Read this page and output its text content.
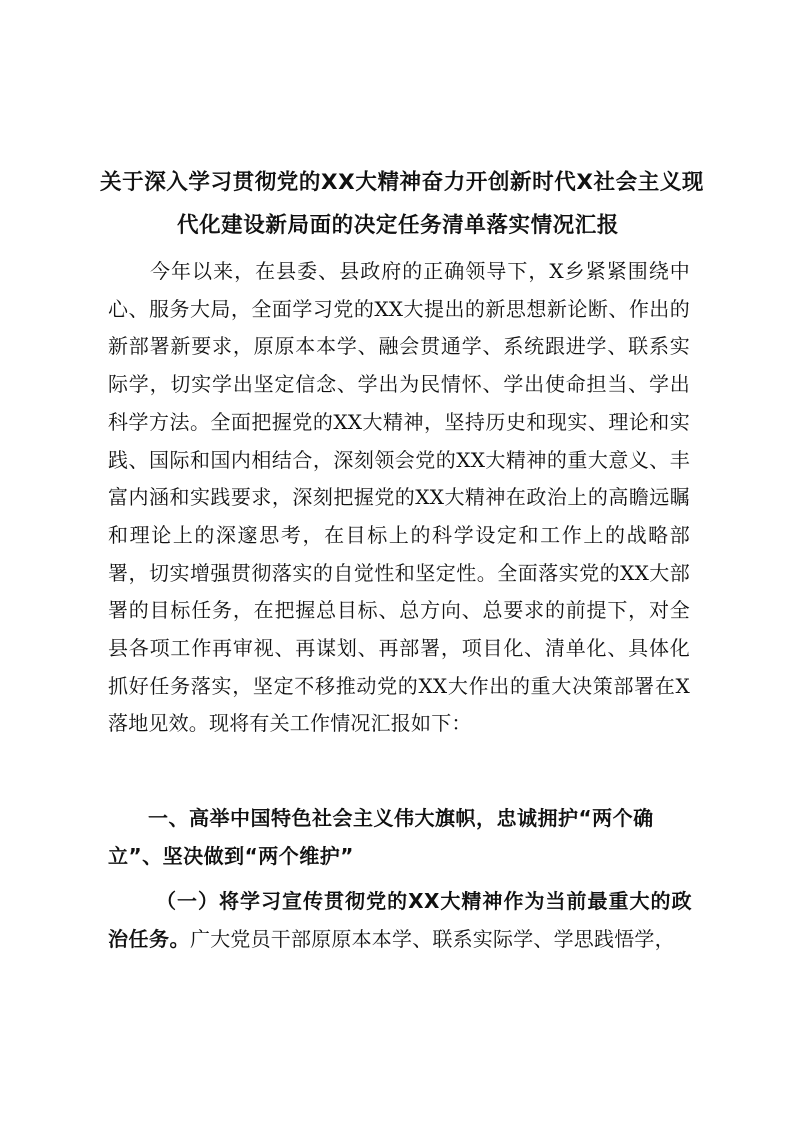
关于深入学习贯彻党的XX大精神奋力开创新时代X社会主义现
代化建设新局面的决定任务清单落实情况汇报

今年以来，在县委、县政府的正确领导下，X乡紧紧围绕中心、服务大局，全面学习党的XX大提出的新思想新论断、作出的新部署新要求，原原本本学、融会贯通学、系统跟进学、联系实际学，切实学出坚定信念、学出为民情怀、学出使命担当、学出科学方法。全面把握党的XX大精神，坚持历史和现实、理论和实践、国际和国内相结合，深刻领会党的XX大精神的重大意义、丰富内涵和实践要求，深刻把握党的XX大精神在政治上的高瞻远瞩和理论上的深邃思考，在目标上的科学设定和工作上的战略部署，切实增强贯彻落实的自觉性和坚定性。全面落实党的XX大部署的目标任务，在把握总目标、总方向、总要求的前提下，对全县各项工作再审视、再谋划、再部署，项目化、清单化、具体化抓好任务落实，坚定不移推动党的XX大作出的重大决策部署在X落地见效。现将有关工作情况汇报如下：

一、高举中国特色社会主义伟大旗帜，忠诚拥护“两个确立”、坚决做到“两个维护”

（一）将学习宣传贯彻党的XX大精神作为当前最重大的政治任务。广大党员干部原原本本学、联系实际学、学思践悟学，
